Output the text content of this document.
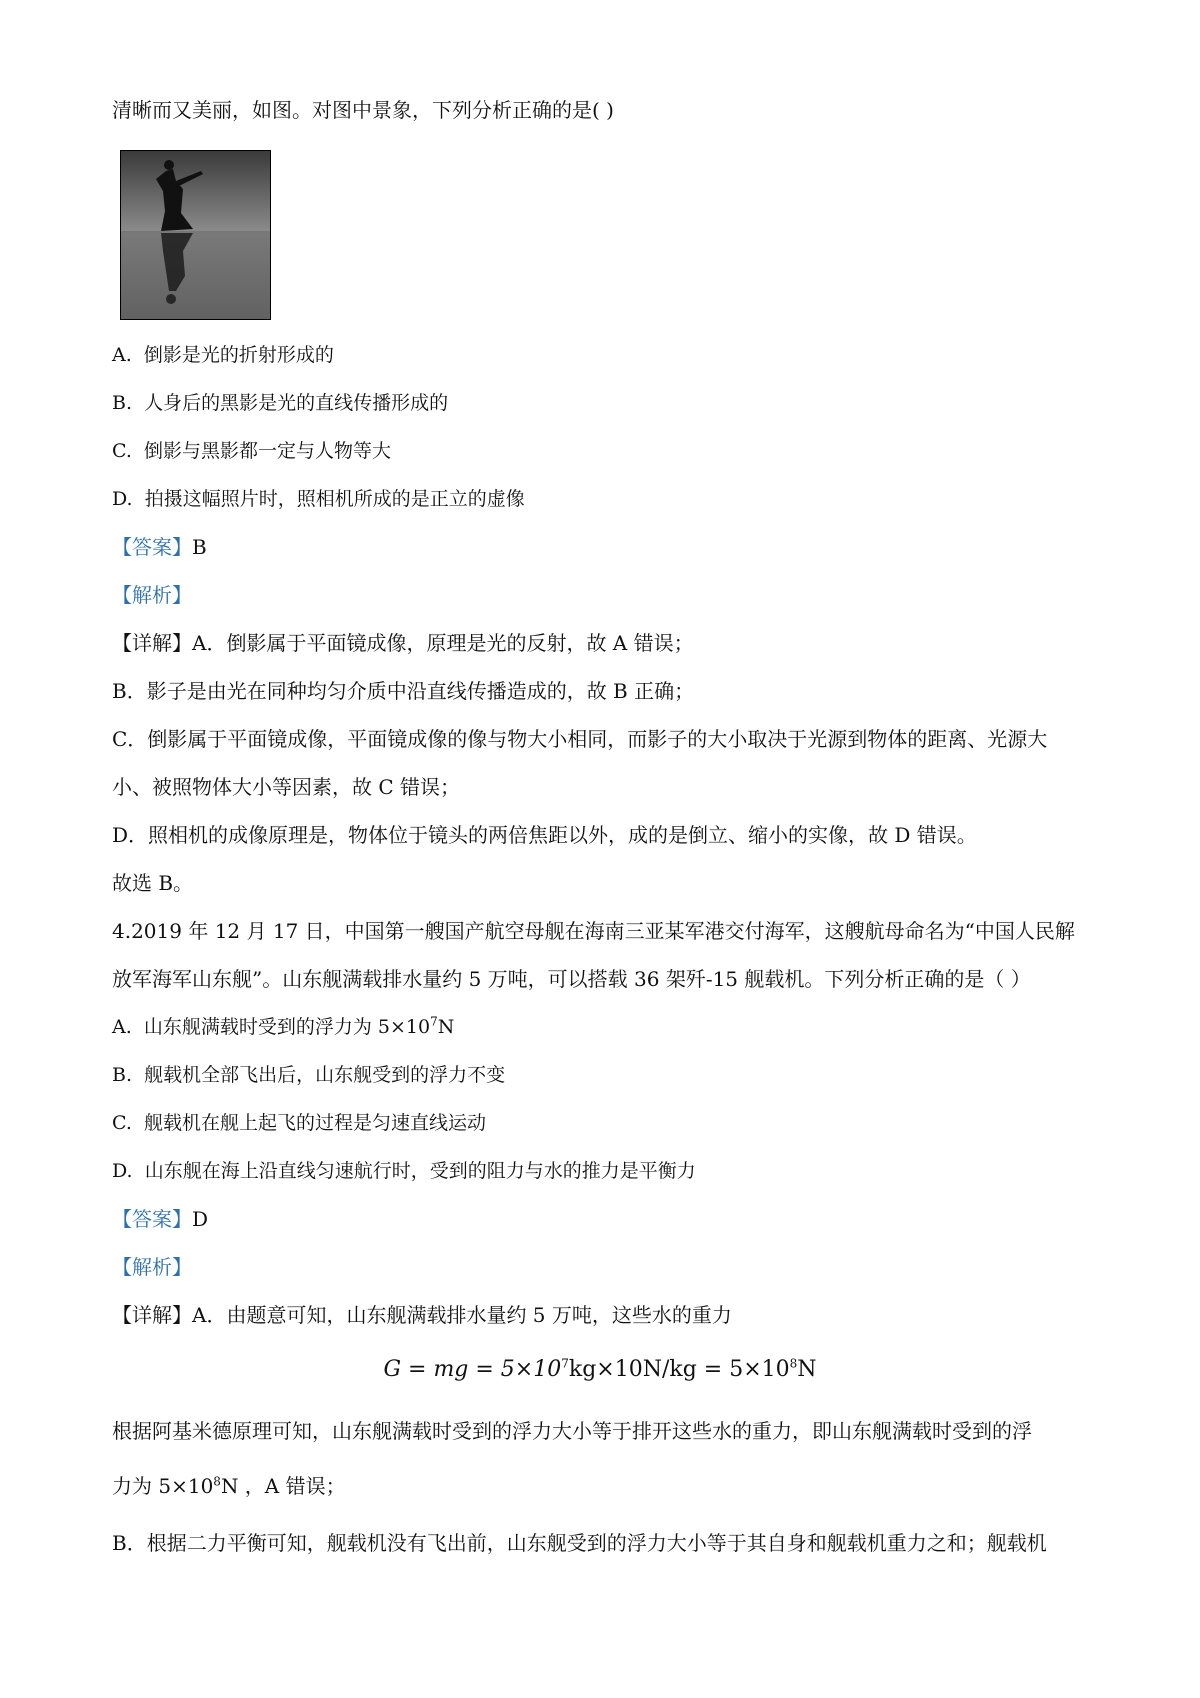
清晰而又美丽，如图。对图中景象，下列分析正确的是( )
A. 倒影是光的折射形成的
B. 人身后的黑影是光的直线传播形成的
C. 倒影与黑影都一定与人物等大
D. 拍摄这幅照片时，照相机所成的是正立的虚像
【答案】B
【解析】
【详解】A．倒影属于平面镜成像，原理是光的反射，故 A 错误；
B．影子是由光在同种均匀介质中沿直线传播造成的，故 B 正确；
C．倒影属于平面镜成像，平面镜成像的像与物大小相同，而影子的大小取决于光源到物体的距离、光源大
小、被照物体大小等因素，故 C 错误；
D．照相机的成像原理是，物体位于镜头的两倍焦距以外，成的是倒立、缩小的实像，故 D 错误。
故选 B。
4.2019 年 12 月 17 日，中国第一艘国产航空母舰在海南三亚某军港交付海军，这艘航母命名为“中国人民解
放军海军山东舰”。山东舰满载排水量约 5 万吨，可以搭载 36 架歼-15 舰载机。下列分析正确的是（ ）
A. 山东舰满载时受到的浮力为 $5\times 10^7N$
B. 舰载机全部飞出后，山东舰受到的浮力不变
C. 舰载机在舰上起飞的过程是匀速直线运动
D. 山东舰在海上沿直线匀速航行时，受到的阻力与水的推力是平衡力
【答案】D
【解析】
【详解】A．由题意可知，山东舰满载排水量约 5 万吨，这些水的重力
G = mg = $5\times 10^7kg\times 10N/kg = 5\times 10^8N$
根据阿基米德原理可知，山东舰满载时受到的浮力大小等于排开这些水的重力，即山东舰满载时受到的浮
力为 $5\times 10^8N$ ，A 错误；
B．根据二力平衡可知，舰载机没有飞出前，山东舰受到的浮力大小等于其自身和舰载机重力之和；舰载机
